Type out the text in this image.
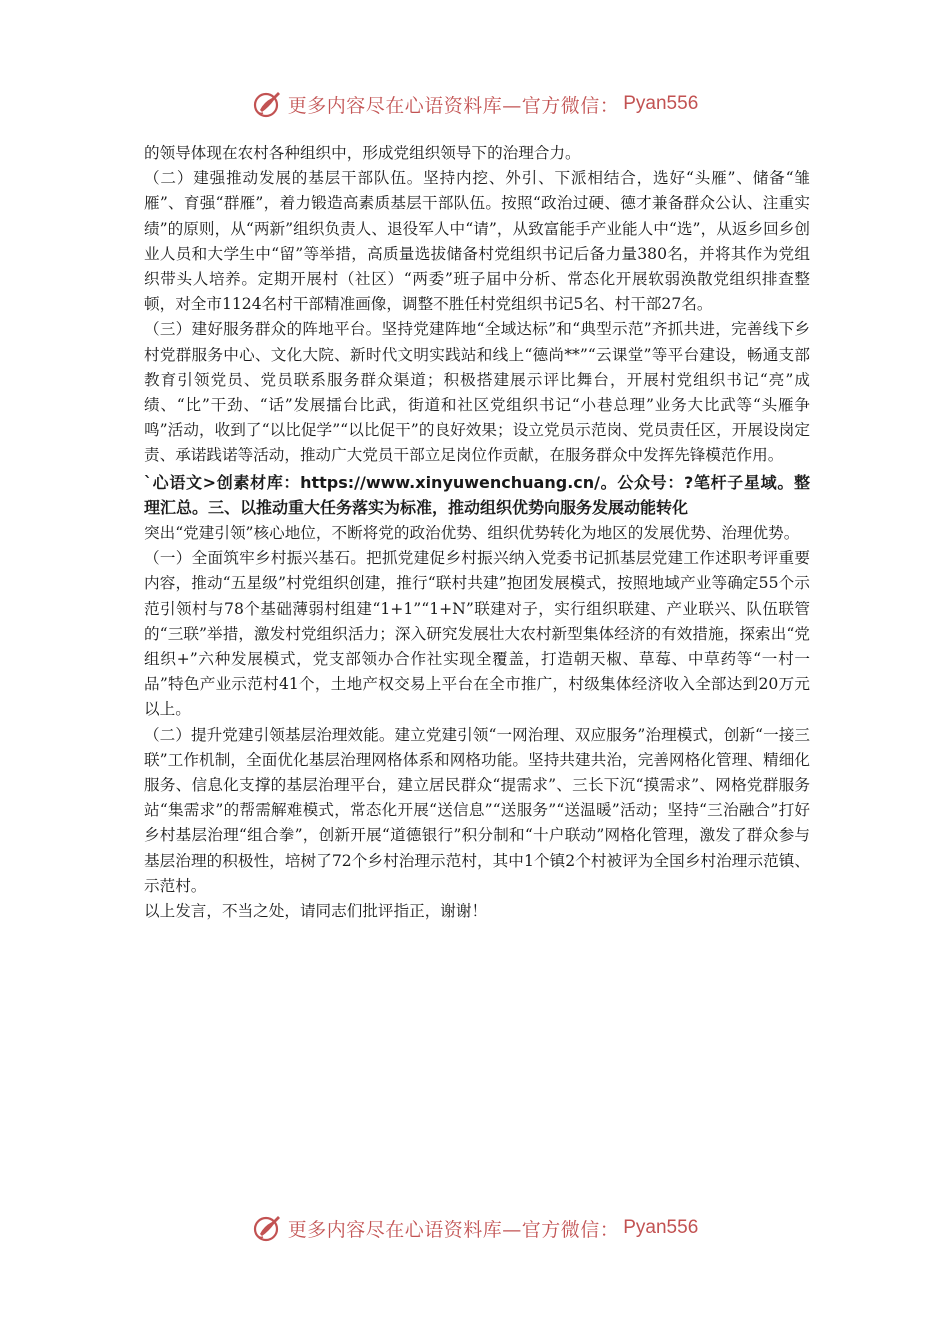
更多内容尽在心语资料库—官方微信： Pyan556

的领导体现在农村各种组织中，形成党组织领导下的治理合力。

（二）建强推动发展的基层干部队伍。坚持内挖、外引、下派相结合，选好“头雁”、储备“雏雁”、育强“群雁”，着力锻造高素质基层干部队伍。按照“政治过硬、德才兼备群众公认、注重实绩”的原则，从“两新”组织负责人、退役军人中“请”，从致富能手产业能人中“选”，从返乡回乡创业人员和大学生中“留”等举措，高质量选拔储备村党组织书记后备力量380名，并将其作为党组织带头人培养。定期开展村（社区）“两委”班子届中分析、常态化开展软弱涣散党组织排查整顿，对全市1124名村干部精准画像，调整不胜任村党组织书记5名、村干部27名。

（三）建好服务群众的阵地平台。坚持党建阵地“全域达标”和“典型示范”齐抓共进，完善线下乡村党群服务中心、文化大院、新时代文明实践站和线上“德尚**”“云课堂”等平台建设，畅通支部教育引领党员、党员联系服务群众渠道；积极搭建展示评比舞台，开展村党组织书记“亮”成绩、“比”干劲、“话”发展擂台比武，街道和社区党组织书记“小巷总理”业务大比武等“头雁争鸣”活动，收到了“以比促学”“以比促干”的良好效果；设立党员示范岗、党员责任区，开展设岗定责、承诺践诺等活动，推动广大党员干部立足岗位作贡献，在服务群众中发挥先锋模范作用。

`心语文>创素材库：https://www.xinyuwenchuang.cn/。公众号：?笔杆子星域。整理汇总。三、以推动重大任务落实为标准，推动组织优势向服务发展动能转化

突出“党建引领”核心地位，不断将党的政治优势、组织优势转化为地区的发展优势、治理优势。

（一）全面筑牢乡村振兴基石。把抓党建促乡村振兴纳入党委书记抓基层党建工作述职考评重要内容，推动“五星级”村党组织创建，推行“联村共建”抱团发展模式，按照地域产业等确定55个示范引领村与78个基础薄弱村组建“1+1”“1+N”联建对子，实行组织联建、产业联兴、队伍联管的“三联”举措，激发村党组织活力；深入研究发展壮大农村新型集体经济的有效措施，探索出“党组织+”六种发展模式，党支部领办合作社实现全覆盖，打造朝天椒、草莓、中草药等“一村一品”特色产业示范村41个，土地产权交易上平台在全市推广，村级集体经济收入全部达到20万元以上。

（二）提升党建引领基层治理效能。建立党建引领“一网治理、双应服务”治理模式，创新“一接三联”工作机制，全面优化基层治理网格体系和网格功能。坚持共建共治，完善网格化管理、精细化服务、信息化支撑的基层治理平台，建立居民群众“提需求”、三长下沉“摸需求”、网格党群服务站“集需求”的帮需解难模式，常态化开展“送信息”“送服务”“送温暖”活动；坚持“三治融合”打好乡村基层治理“组合拳”，创新开展“道德银行”积分制和“十户联动”网格化管理，激发了群众参与基层治理的积极性，培树了72个乡村治理示范村，其中1个镇2个村被评为全国乡村治理示范镇、示范村。

以上发言，不当之处，请同志们批评指正，谢谢！

更多内容尽在心语资料库—官方微信： Pyan556
